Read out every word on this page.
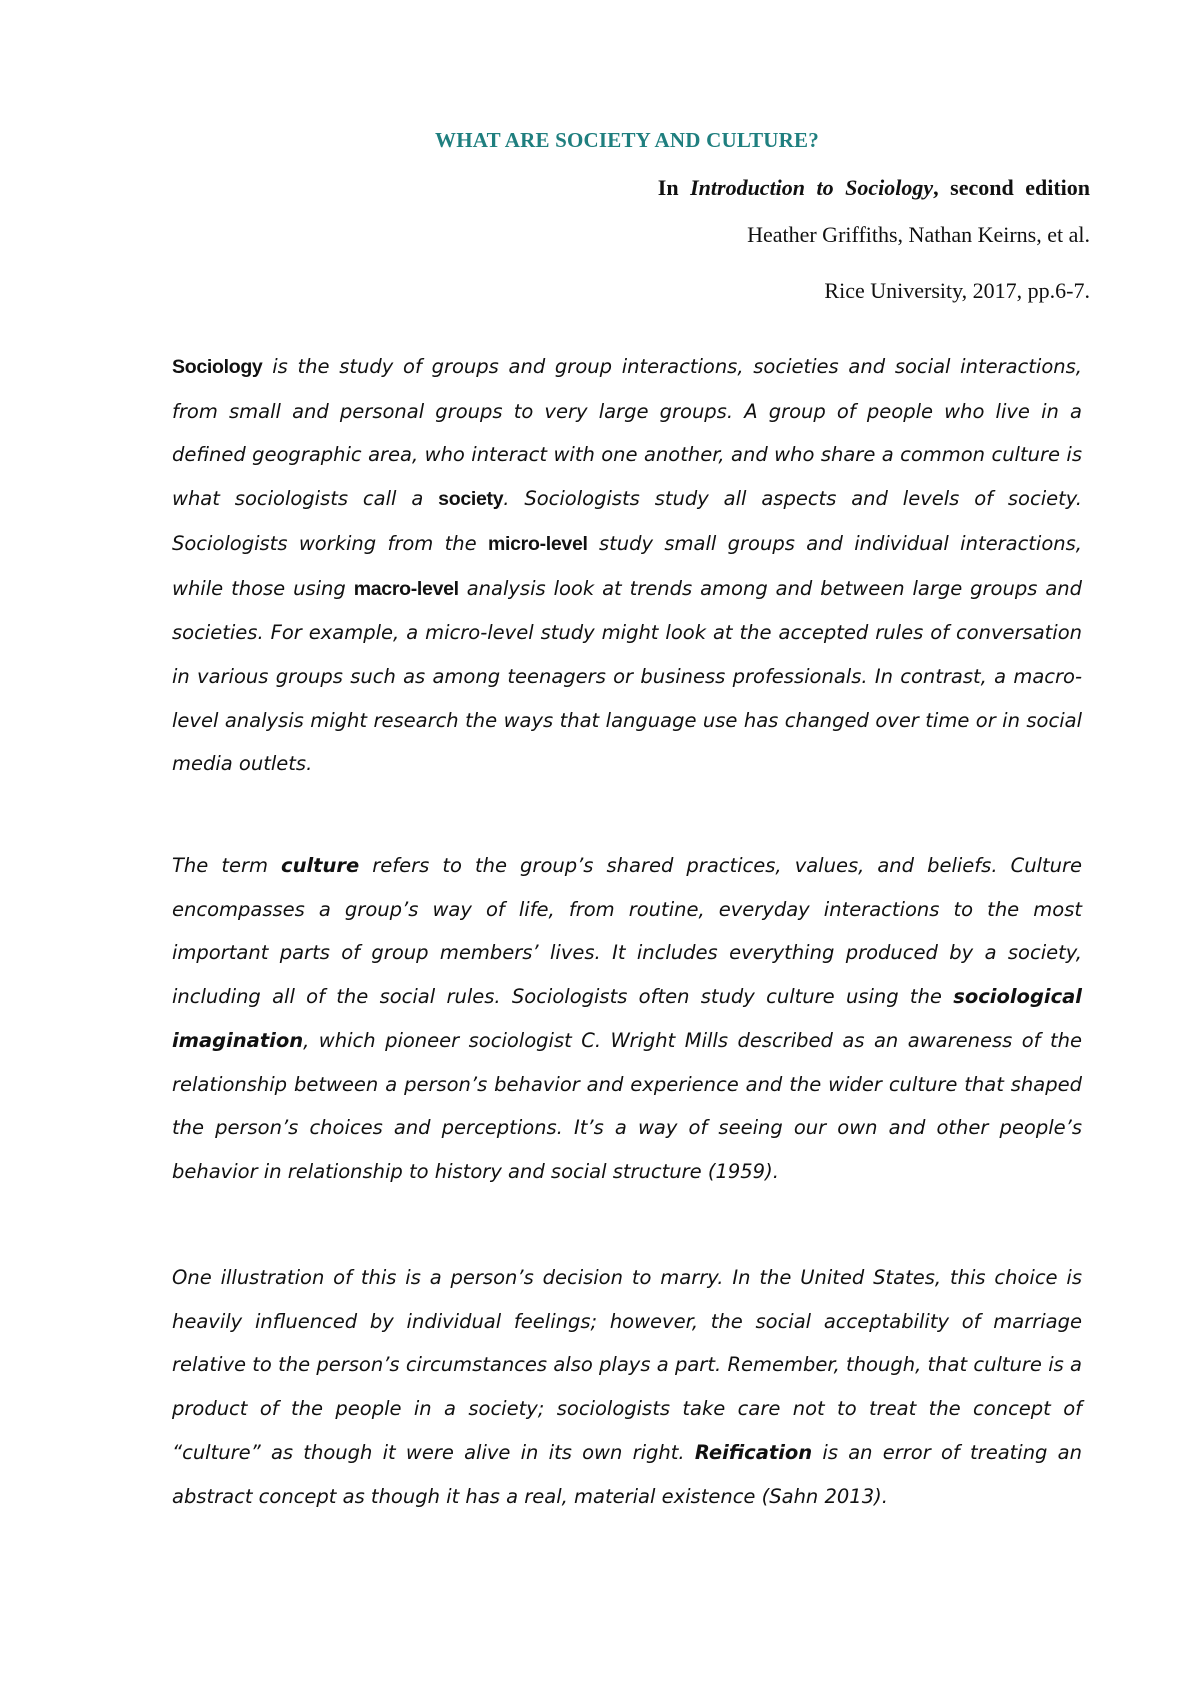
WHAT ARE SOCIETY AND CULTURE?
In Introduction to Sociology, second edition
Heather Griffiths, Nathan Keirns, et al.
Rice University, 2017, pp.6-7.

Sociology is the study of groups and group interactions, societies and social interactions, from small and personal groups to very large groups. A group of people who live in a defined geographic area, who interact with one another, and who share a common culture is what sociologists call a society. Sociologists study all aspects and levels of society. Sociologists working from the micro-level study small groups and individual interactions, while those using macro-level analysis look at trends among and between large groups and societies. For example, a micro-level study might look at the accepted rules of conversation in various groups such as among teenagers or business professionals. In contrast, a macro-level analysis might research the ways that language use has changed over time or in social media outlets.

The term culture refers to the group’s shared practices, values, and beliefs. Culture encompasses a group’s way of life, from routine, everyday interactions to the most important parts of group members’ lives. It includes everything produced by a society, including all of the social rules. Sociologists often study culture using the sociological imagination, which pioneer sociologist C. Wright Mills described as an awareness of the relationship between a person’s behavior and experience and the wider culture that shaped the person’s choices and perceptions. It’s a way of seeing our own and other people’s behavior in relationship to history and social structure (1959).

One illustration of this is a person’s decision to marry. In the United States, this choice is heavily influenced by individual feelings; however, the social acceptability of marriage relative to the person’s circumstances also plays a part. Remember, though, that culture is a product of the people in a society; sociologists take care not to treat the concept of “culture” as though it were alive in its own right. Reification is an error of treating an abstract concept as though it has a real, material existence (Sahn 2013).
